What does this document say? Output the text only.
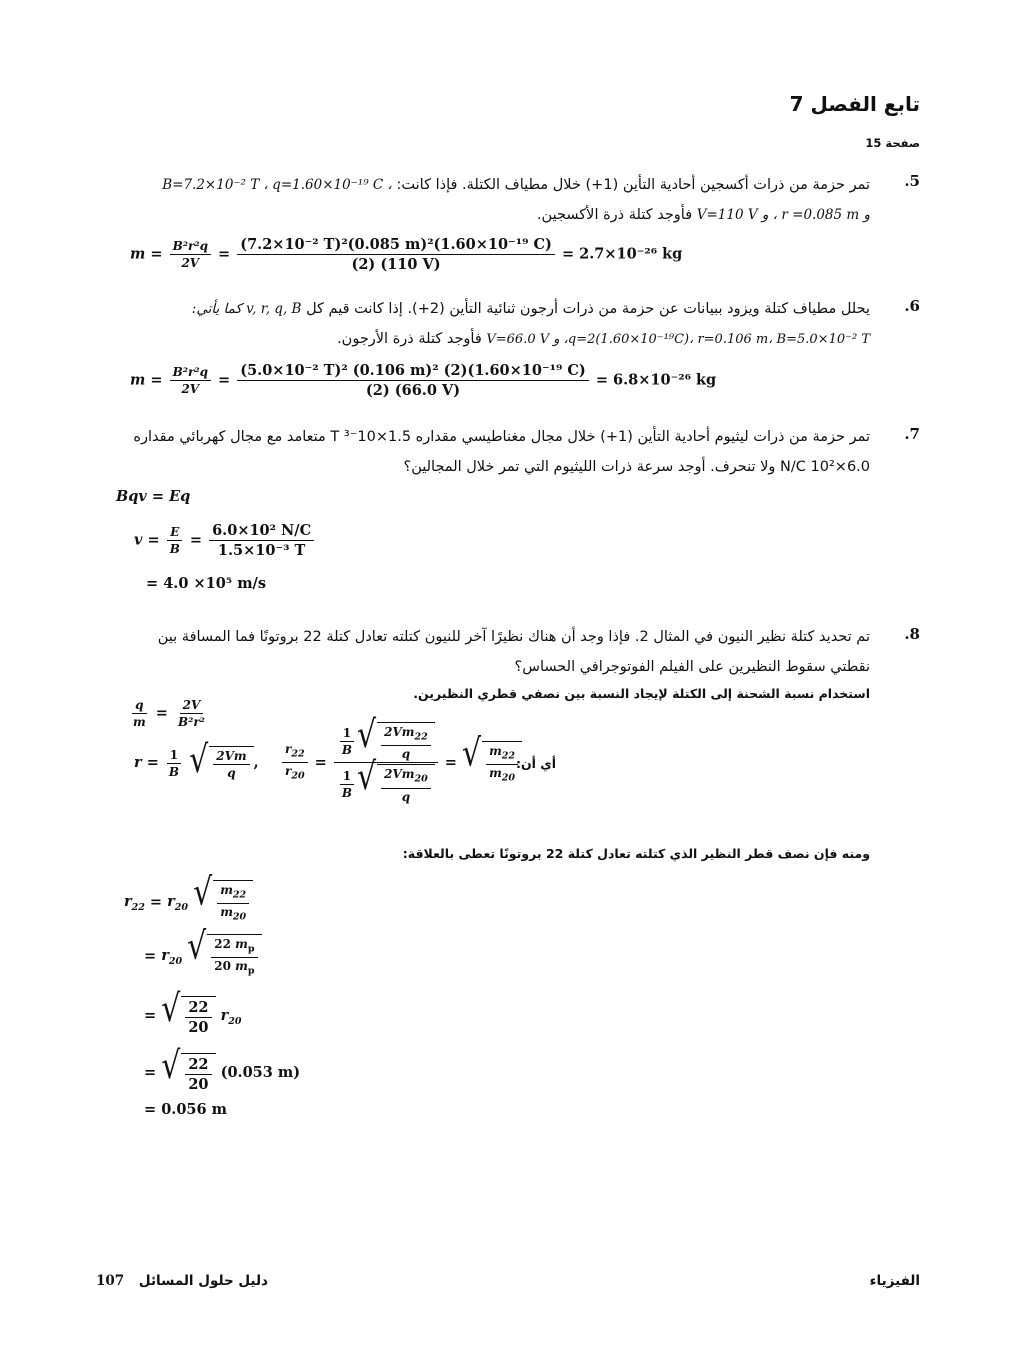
تابع الفصل 7
صفحة 15
.5
تمر حزمة من ذرات أكسجين أحادية التأين (1+) خلال مطياف الكتلة. فإذا كانت: B=7.2×10⁻² T ، q=1.60×10⁻¹⁹ C ،
و r =0.085 m ، و V=110 V فأوجد كتلة ذرة الأكسجين.
$m = \frac{\text{B²r²q}}{2V} = \frac{\text{(7.2×10⁻² T)²(0.085 m)²(1.60×10⁻¹⁹ C)}}{(2) (110 V)} = 2.7\times 10^{-26}$ kg
.6
يحلل مطياف كتلة ويزود ببيانات عن حزمة من ذرات أرجون ثنائية التأين (2+). إذا كانت قيم كل v, r, q, B كما يأتي:
q=2(1.60×10⁻¹⁹C)، r=0.106 m، B=5.0×10⁻² T، و V=66.0 V فأوجد كتلة ذرة الأرجون.
$m = \frac{\text{B²r²q}}{2V} = \frac{\text{(5.0×10⁻² T)² (0.106 m)² (2)(1.60×10⁻¹⁹ C)}}{(2) (66.0 V)} = 6.8\times 10^{-26}$ kg
.7
تمر حزمة من ذرات ليثيوم أحادية التأين (1+) خلال مجال مغناطيسي مقداره 1.5×10⁻³ T متعامد مع مجال كهربائي مقداره
6.0×10² N/C ولا تنحرف. أوجد سرعة ذرات الليثيوم التي تمر خلال المجالين؟
Bqv = Eq
$v = \frac{E}{B} = \frac{\text{6.0×10² N/C}}{\text{1.5×10⁻³ T}}$
= 4.0 ×10⁵ m/s
.8
تم تحديد كتلة نظير النيون في المثال 2. فإذا وجد أن هناك نظيرًا آخر للنيون كتلته تعادل كتلة 22 بروتونًا فما المسافة بين
نقطتي سقوط النظيرين على الفيلم الفوتوجرافي الحساس؟
استخدام نسبة الشحنة إلى الكتلة لإيجاد النسبة بين نصفي قطري النظيرين.
$\frac{q}{m} = \frac{2V}{\text{B²r²}}$
$r = \frac{1}{B}$
√ $\frac{2Vm}{q}$ , $\frac{r_{22}}{r_{20}} = \frac{\frac{1}{B} √ \frac{2Vm_{22}}{q}}{\frac{1}{B} √ \frac{2Vm_{20}}{q}}$ = √ $\frac{m_{22}}{m_{20}}$
أي أن:
ومنه فإن نصف قطر النظير الذي كتلته تعادل كتلة 22 بروتونًا تعطى بالعلاقة:
$r_{22} = r_{20}$ √ $\frac{m_{22}}{m_{20}}$
= $r_{20}$ √ $\frac{22 m_p}{20 m_p}$
= √ $\frac{22}{20} r_{20}$
= √ $\frac{22}{20} (0.053$ m)
= 0.056 m
107 دليل حلول المسائل	الفيزياء
